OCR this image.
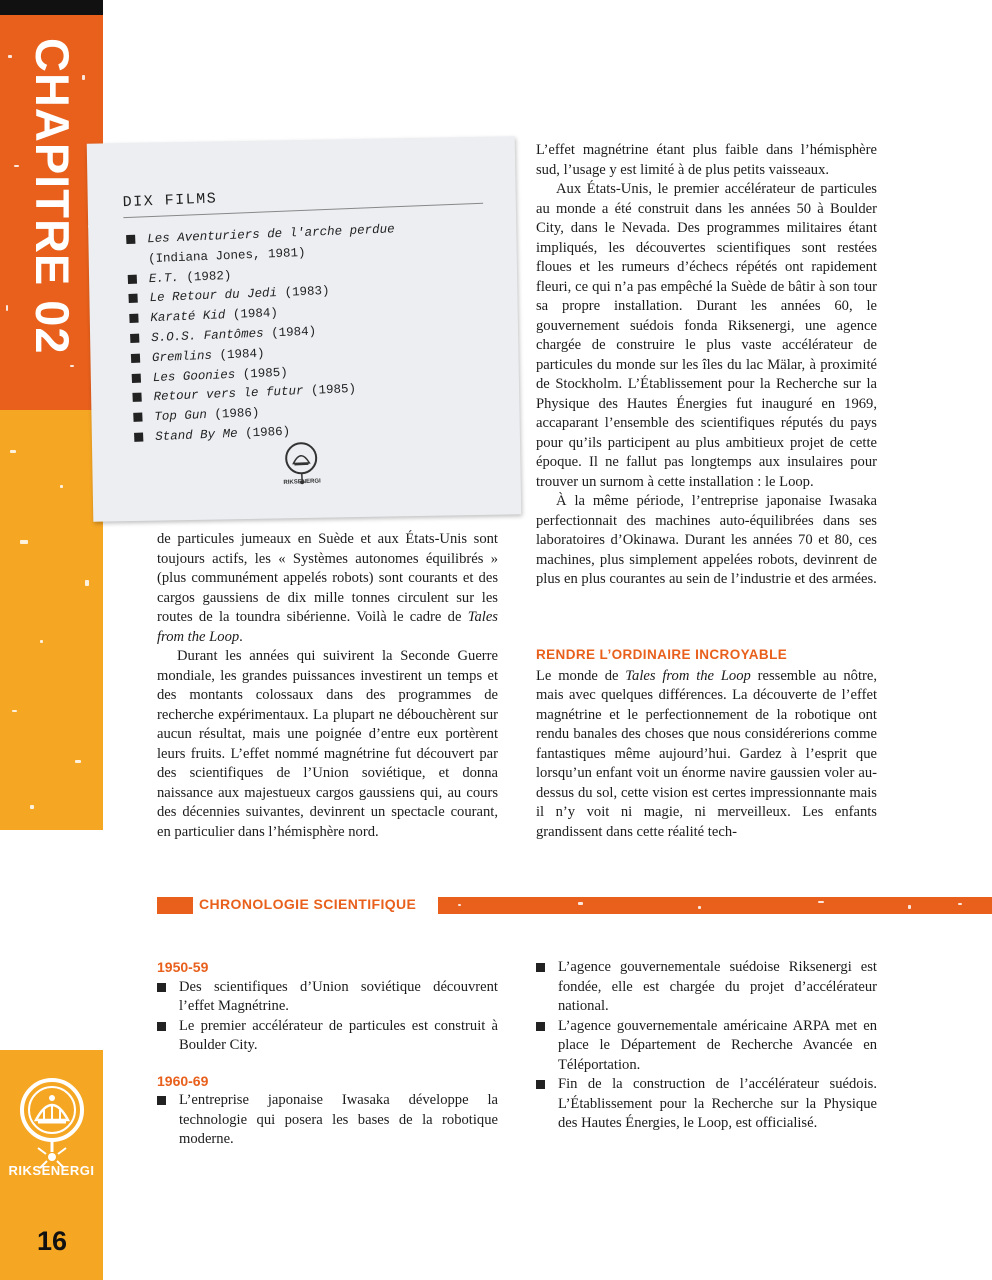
CHAPITRE 02
RIKSENERGI
16
DIX FILMS
Les Aventuriers de l'arche perdue
(Indiana Jones, 1981)
E.T. (1982)
Le Retour du Jedi (1983)
Karaté Kid (1984)
S.O.S. Fantômes (1984)
Gremlins (1984)
Les Goonies (1985)
Retour vers le futur (1985)
Top Gun (1986)
Stand By Me (1986)
RIKSENERGI

de particules jumeaux en Suède et aux États-Unis sont toujours actifs, les « Systèmes autonomes équilibrés » (plus communément appelés robots) sont courants et des cargos gaussiens de dix mille tonnes circulent sur les routes de la toundra sibérienne. Voilà le cadre de Tales from the Loop.

Durant les années qui suivirent la Seconde Guerre mondiale, les grandes puissances investirent un temps et des montants colossaux dans des programmes de recherche expérimentaux. La plupart ne débouchèrent sur aucun résultat, mais une poignée d’entre eux portèrent leurs fruits. L’effet nommé magnétrine fut découvert par des scientifiques de l’Union soviétique, et donna naissance aux majestueux cargos gaussiens qui, au cours des décennies suivantes, devinrent un spectacle courant, en particulier dans l’hémisphère nord.

L’effet magnétrine étant plus faible dans l’hémisphère sud, l’usage y est limité à de plus petits vaisseaux.

Aux États-Unis, le premier accélérateur de particules au monde a été construit dans les années 50 à Boulder City, dans le Nevada. Des programmes militaires étant impliqués, les découvertes scientifiques sont restées floues et les rumeurs d’échecs répétés ont rapidement fleuri, ce qui n’a pas empêché la Suède de bâtir à son tour sa propre installation. Durant les années 60, le gouvernement suédois fonda Riksenergi, une agence chargée de construire le plus vaste accélérateur de particules du monde sur les îles du lac Mälar, à proximité de Stockholm. L’Établissement pour la Recherche sur la Physique des Hautes Énergies fut inauguré en 1969, accaparant l’ensemble des scientifiques réputés du pays pour qu’ils participent au plus ambitieux projet de cette époque. Il ne fallut pas longtemps aux insulaires pour trouver un surnom à cette installation : le Loop.

À la même période, l’entreprise japonaise Iwasaka perfectionnait des machines auto-équilibrées dans ses laboratoires d’Okinawa. Durant les années 70 et 80, ces machines, plus simplement appelées robots, devinrent de plus en plus courantes au sein de l’industrie et des armées.

RENDRE L’ORDINAIRE INCROYABLE

Le monde de Tales from the Loop ressemble au nôtre, mais avec quelques différences. La découverte de l’effet magnétrine et le perfectionnement de la robotique ont rendu banales des choses que nous considérerions comme fantastiques même aujourd’hui. Gardez à l’esprit que lorsqu’un enfant voit un énorme navire gaussien voler au-dessus du sol, cette vision est certes impressionnante mais il n’y voit ni magie, ni merveilleux. Les enfants grandissent dans cette réalité tech-

CHRONOLOGIE SCIENTIFIQUE
1950-59
Des scientifiques d’Union soviétique découvrent l’effet Magnétrine.
Le premier accélérateur de particules est construit à Boulder City.
1960-69
L’entreprise japonaise Iwasaka développe la technologie qui posera les bases de la robotique moderne.
L’agence gouvernementale suédoise Riksenergi est fondée, elle est chargée du projet d’accélérateur national.
L’agence gouvernementale américaine ARPA met en place le Département de Recherche Avancée en Téléportation.
Fin de la construction de l’accélérateur suédois. L’Établissement pour la Recherche sur la Physique des Hautes Énergies, le Loop, est officialisé.
